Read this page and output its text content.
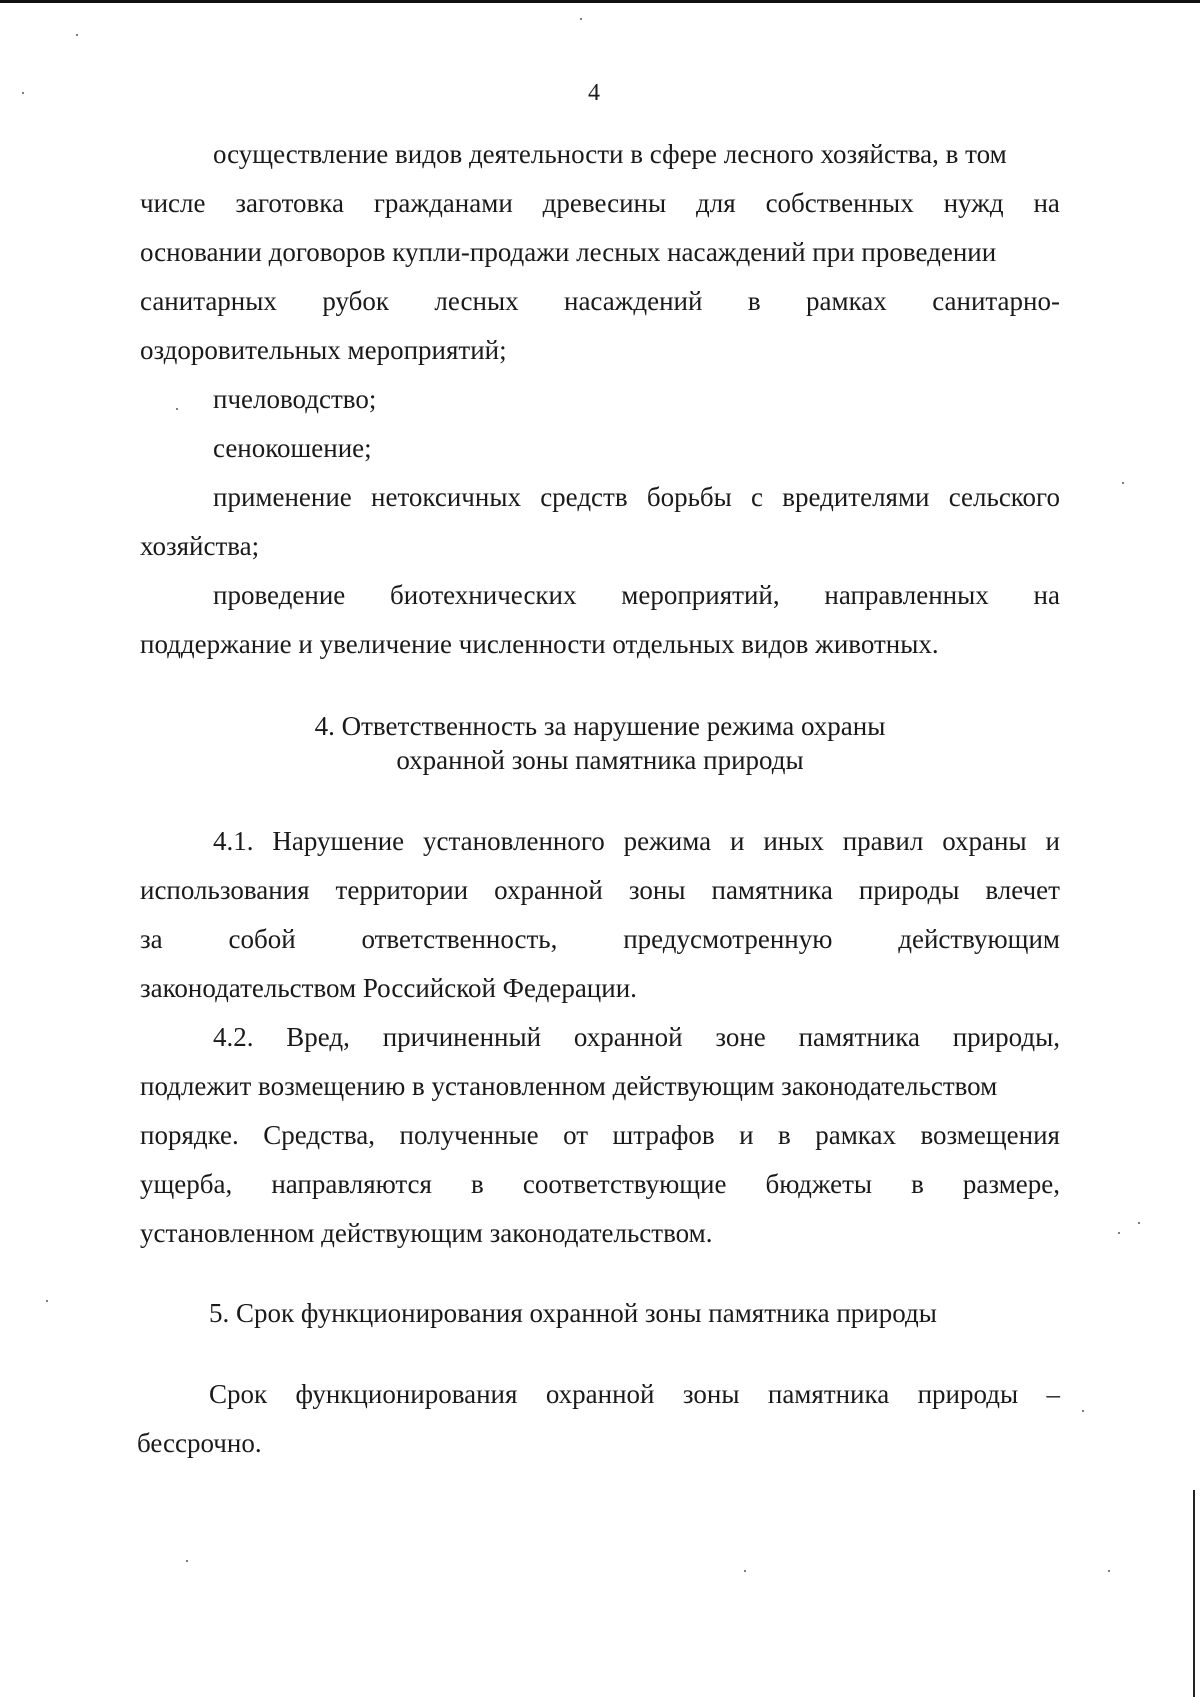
4
осуществление видов деятельности в сфере лесного хозяйства, в том
числе заготовка гражданами древесины для собственных нужд на
основании договоров купли-продажи лесных насаждений при проведении
санитарных рубок лесных насаждений в рамках санитарно-
оздоровительных мероприятий;
пчеловодство;
сенокошение;
применение нетоксичных средств борьбы с вредителями сельского
хозяйства;
проведение биотехнических мероприятий, направленных на
поддержание и увеличение численности отдельных видов животных.
4. Ответственность за нарушение режима охраны
охранной зоны памятника природы
4.1. Нарушение установленного режима и иных правил охраны и
использования территории охранной зоны памятника природы влечет
за собой ответственность, предусмотренную действующим
законодательством Российской Федерации.
4.2. Вред, причиненный охранной зоне памятника природы,
подлежит возмещению в установленном действующим законодательством
порядке. Средства, полученные от штрафов и в рамках возмещения
ущерба, направляются в соответствующие бюджеты в размере,
установленном действующим законодательством.
5. Срок функционирования охранной зоны памятника природы
Срок функционирования охранной зоны памятника природы –
бессрочно.
